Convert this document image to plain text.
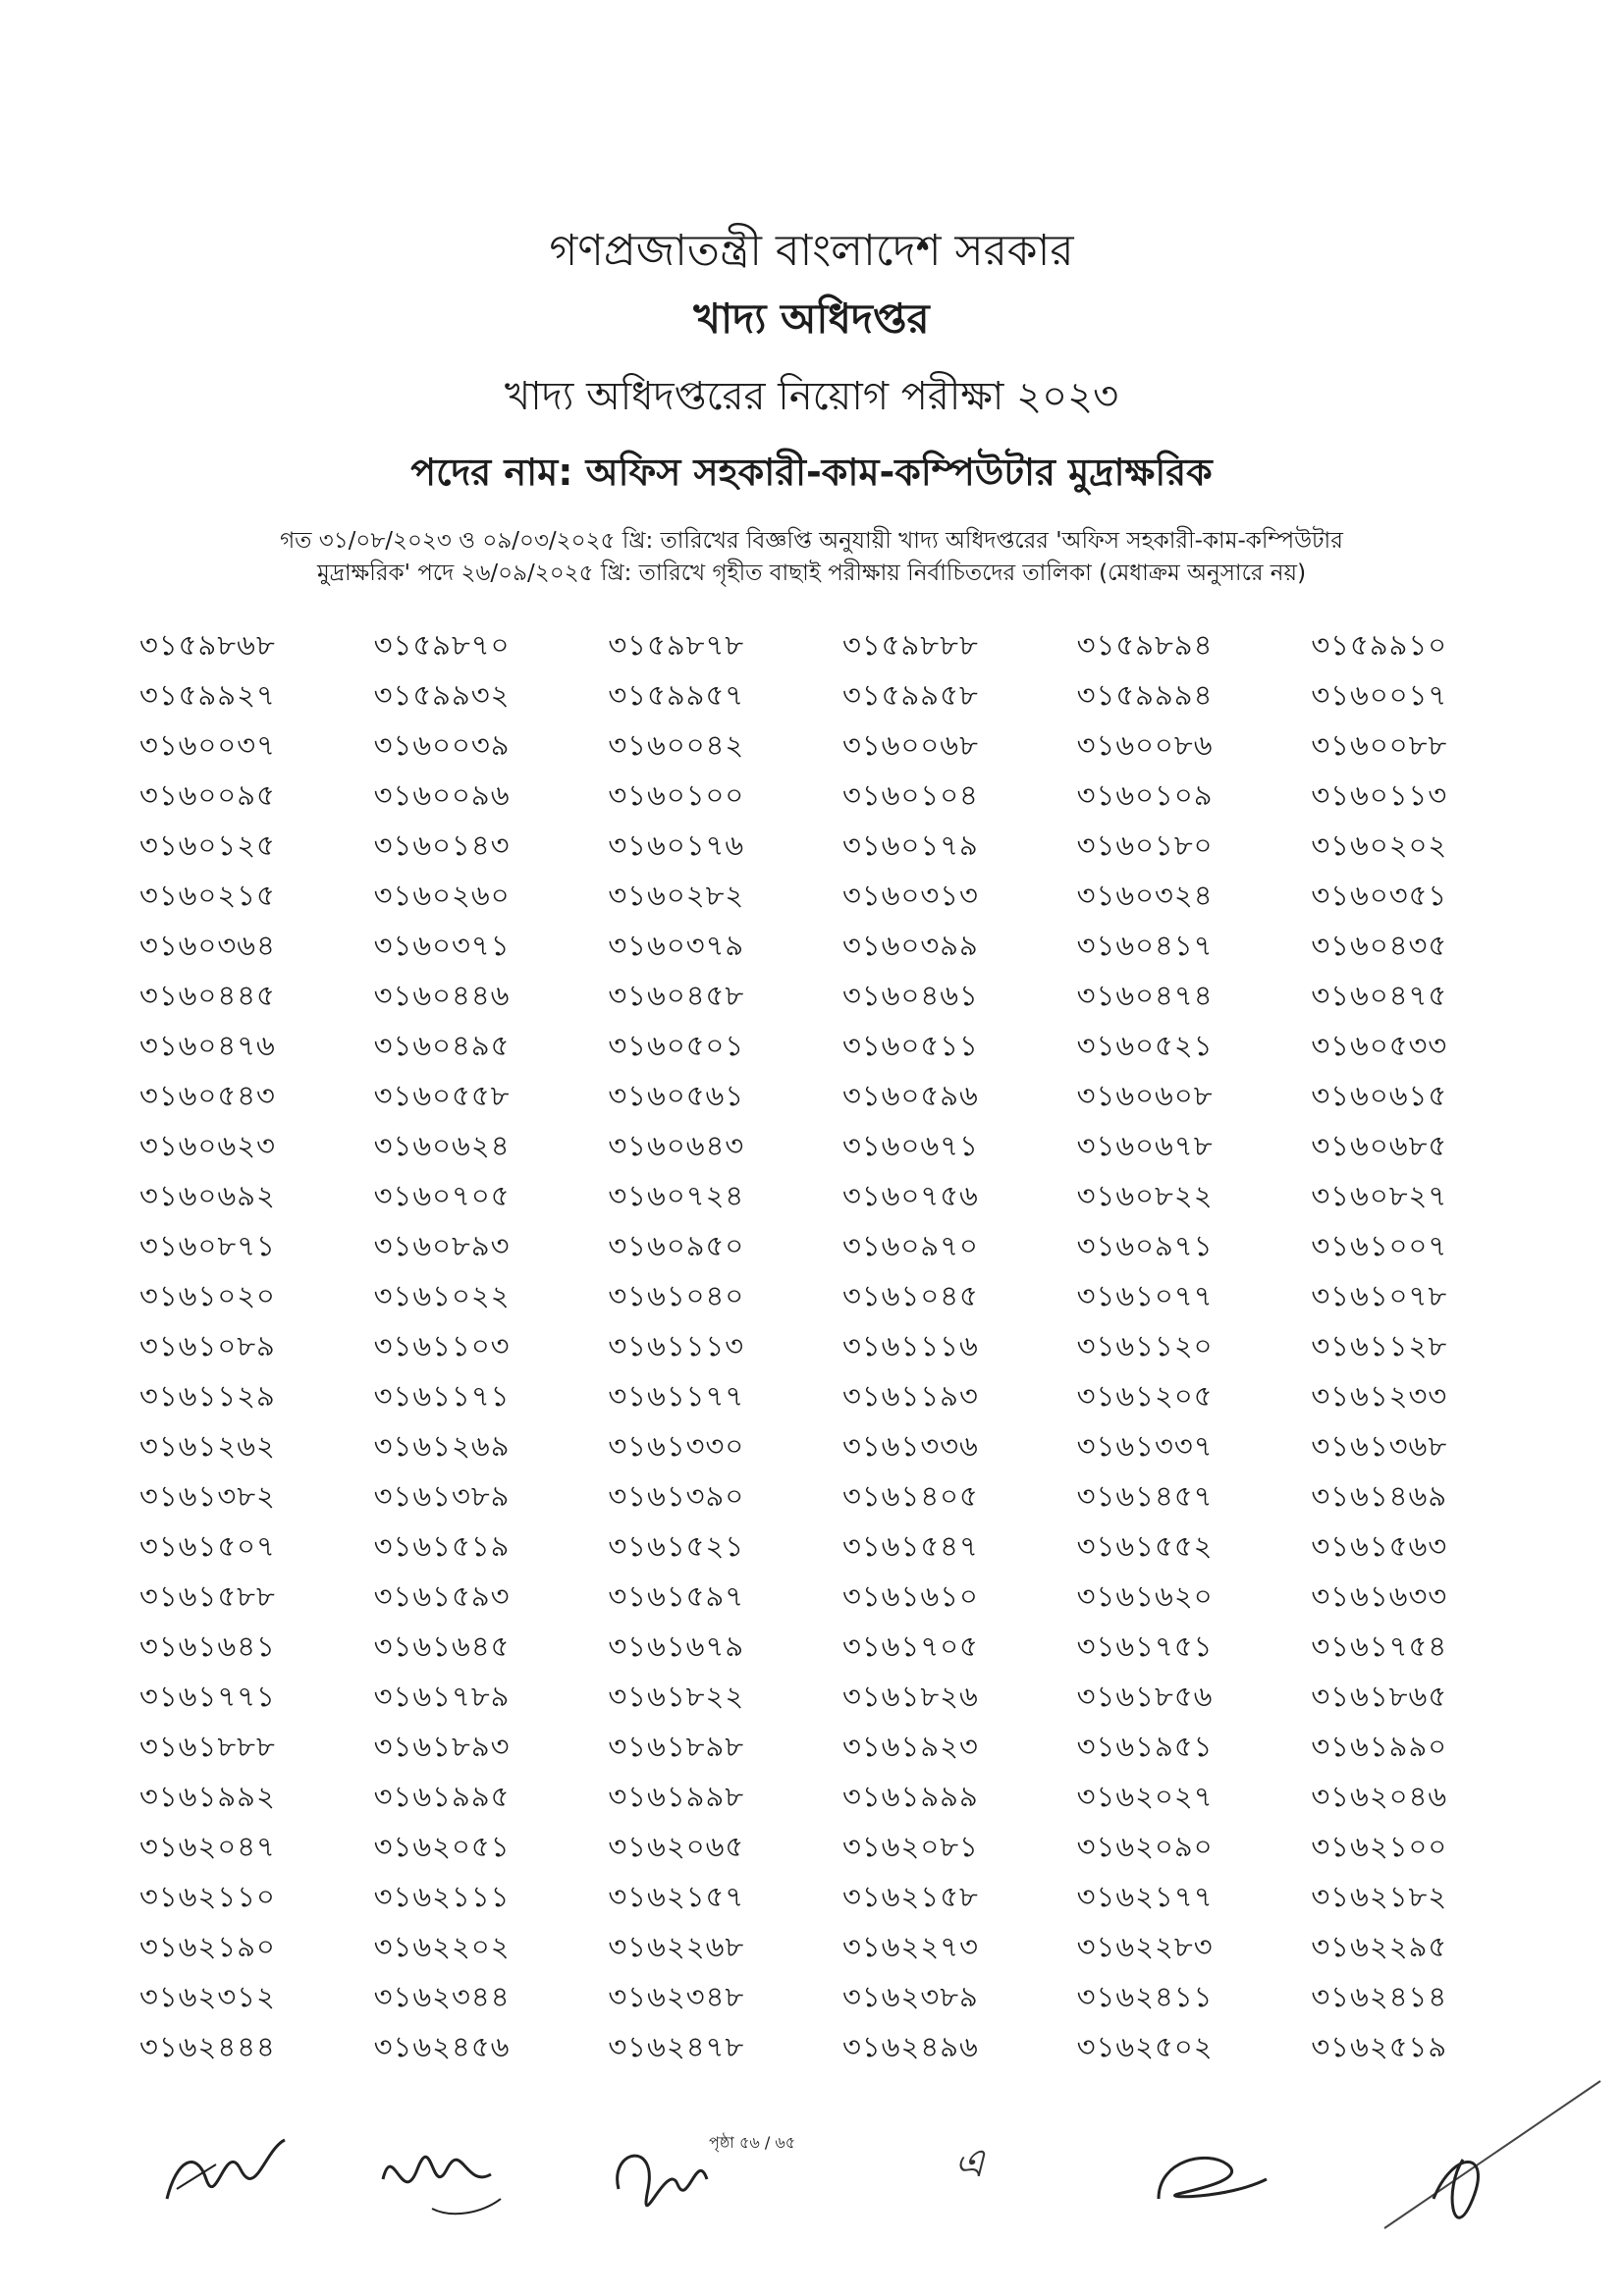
গণপ্রজাতন্ত্রী বাংলাদেশ সরকার
খাদ্য অধিদপ্তর
খাদ্য অধিদপ্তরের নিয়োগ পরীক্ষা ২০২৩
পদের নাম: অফিস সহকারী-কাম-কম্পিউটার মুদ্রাক্ষরিক
গত ৩১/০৮/২০২৩ ও ০৯/০৩/২০২৫ খ্রি: তারিখের বিজ্ঞপ্তি অনুযায়ী খাদ্য অধিদপ্তরের 'অফিস সহকারী-কাম-কম্পিউটার
মুদ্রাক্ষরিক' পদে ২৬/০৯/২০২৫ খ্রি: তারিখে গৃহীত বাছাই পরীক্ষায় নির্বাচিতদের তালিকা (মেধাক্রম অনুসারে নয়)
৩১৫৯৮৬৮	৩১৫৯৮৭০	৩১৫৯৮৭৮	৩১৫৯৮৮৮	৩১৫৯৮৯৪	৩১৫৯৯১০
৩১৫৯৯২৭	৩১৫৯৯৩২	৩১৫৯৯৫৭	৩১৫৯৯৫৮	৩১৫৯৯৯৪	৩১৬০০১৭
৩১৬০০৩৭	৩১৬০০৩৯	৩১৬০০৪২	৩১৬০০৬৮	৩১৬০০৮৬	৩১৬০০৮৮
৩১৬০০৯৫	৩১৬০০৯৬	৩১৬০১০০	৩১৬০১০৪	৩১৬০১০৯	৩১৬০১১৩
৩১৬০১২৫	৩১৬০১৪৩	৩১৬০১৭৬	৩১৬০১৭৯	৩১৬০১৮০	৩১৬০২০২
৩১৬০২১৫	৩১৬০২৬০	৩১৬০২৮২	৩১৬০৩১৩	৩১৬০৩২৪	৩১৬০৩৫১
৩১৬০৩৬৪	৩১৬০৩৭১	৩১৬০৩৭৯	৩১৬০৩৯৯	৩১৬০৪১৭	৩১৬০৪৩৫
৩১৬০৪৪৫	৩১৬০৪৪৬	৩১৬০৪৫৮	৩১৬০৪৬১	৩১৬০৪৭৪	৩১৬০৪৭৫
৩১৬০৪৭৬	৩১৬০৪৯৫	৩১৬০৫০১	৩১৬০৫১১	৩১৬০৫২১	৩১৬০৫৩৩
৩১৬০৫৪৩	৩১৬০৫৫৮	৩১৬০৫৬১	৩১৬০৫৯৬	৩১৬০৬০৮	৩১৬০৬১৫
৩১৬০৬২৩	৩১৬০৬২৪	৩১৬০৬৪৩	৩১৬০৬৭১	৩১৬০৬৭৮	৩১৬০৬৮৫
৩১৬০৬৯২	৩১৬০৭০৫	৩১৬০৭২৪	৩১৬০৭৫৬	৩১৬০৮২২	৩১৬০৮২৭
৩১৬০৮৭১	৩১৬০৮৯৩	৩১৬০৯৫০	৩১৬০৯৭০	৩১৬০৯৭১	৩১৬১০০৭
৩১৬১০২০	৩১৬১০২২	৩১৬১০৪০	৩১৬১০৪৫	৩১৬১০৭৭	৩১৬১০৭৮
৩১৬১০৮৯	৩১৬১১০৩	৩১৬১১১৩	৩১৬১১১৬	৩১৬১১২০	৩১৬১১২৮
৩১৬১১২৯	৩১৬১১৭১	৩১৬১১৭৭	৩১৬১১৯৩	৩১৬১২০৫	৩১৬১২৩৩
৩১৬১২৬২	৩১৬১২৬৯	৩১৬১৩৩০	৩১৬১৩৩৬	৩১৬১৩৩৭	৩১৬১৩৬৮
৩১৬১৩৮২	৩১৬১৩৮৯	৩১৬১৩৯০	৩১৬১৪০৫	৩১৬১৪৫৭	৩১৬১৪৬৯
৩১৬১৫০৭	৩১৬১৫১৯	৩১৬১৫২১	৩১৬১৫৪৭	৩১৬১৫৫২	৩১৬১৫৬৩
৩১৬১৫৮৮	৩১৬১৫৯৩	৩১৬১৫৯৭	৩১৬১৬১০	৩১৬১৬২০	৩১৬১৬৩৩
৩১৬১৬৪১	৩১৬১৬৪৫	৩১৬১৬৭৯	৩১৬১৭০৫	৩১৬১৭৫১	৩১৬১৭৫৪
৩১৬১৭৭১	৩১৬১৭৮৯	৩১৬১৮২২	৩১৬১৮২৬	৩১৬১৮৫৬	৩১৬১৮৬৫
৩১৬১৮৮৮	৩১৬১৮৯৩	৩১৬১৮৯৮	৩১৬১৯২৩	৩১৬১৯৫১	৩১৬১৯৯০
৩১৬১৯৯২	৩১৬১৯৯৫	৩১৬১৯৯৮	৩১৬১৯৯৯	৩১৬২০২৭	৩১৬২০৪৬
৩১৬২০৪৭	৩১৬২০৫১	৩১৬২০৬৫	৩১৬২০৮১	৩১৬২০৯০	৩১৬২১০০
৩১৬২১১০	৩১৬২১১১	৩১৬২১৫৭	৩১৬২১৫৮	৩১৬২১৭৭	৩১৬২১৮২
৩১৬২১৯০	৩১৬২২০২	৩১৬২২৬৮	৩১৬২২৭৩	৩১৬২২৮৩	৩১৬২২৯৫
৩১৬২৩১২	৩১৬২৩৪৪	৩১৬২৩৪৮	৩১৬২৩৮৯	৩১৬২৪১১	৩১৬২৪১৪
৩১৬২৪৪৪	৩১৬২৪৫৬	৩১৬২৪৭৮	৩১৬২৪৯৬	৩১৬২৫০২	৩১৬২৫১৯
পৃষ্ঠা ৫৬ / ৬৫	এ
